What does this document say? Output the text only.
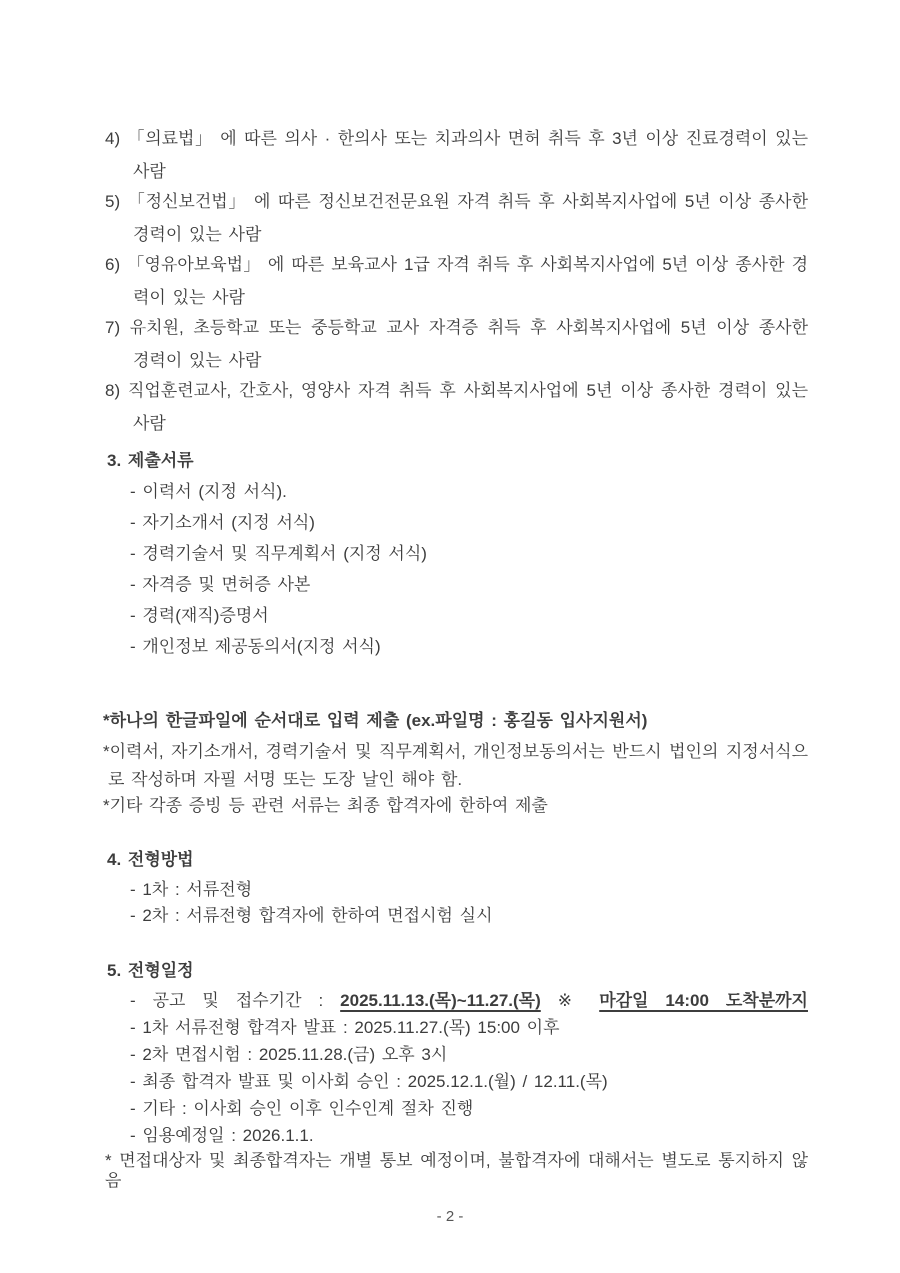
4) 「의료법」 에 따른 의사 · 한의사 또는 치과의사 면허 취득 후 3년 이상 진료경력이 있는
사람
5) 「정신보건법」 에 따른 정신보건전문요원 자격 취득 후 사회복지사업에 5년 이상 종사한
경력이 있는 사람
6) 「영유아보육법」 에 따른 보육교사 1급 자격 취득 후 사회복지사업에 5년 이상 종사한 경
력이 있는 사람
7) 유치원, 초등학교 또는 중등학교 교사 자격증 취득 후 사회복지사업에 5년 이상 종사한
경력이 있는 사람
8) 직업훈련교사, 간호사, 영양사 자격 취득 후 사회복지사업에 5년 이상 종사한 경력이 있는
사람
3. 제출서류
- 이력서 (지정 서식).
- 자기소개서 (지정 서식)
- 경력기술서 및 직무계획서 (지정 서식)
- 자격증 및 면허증 사본
- 경력(재직)증명서
- 개인정보 제공동의서(지정 서식)
*하나의 한글파일에 순서대로 입력 제출 (ex.파일명 : 홍길동 입사지원서)
*이력서, 자기소개서, 경력기술서 및 직무계획서, 개인정보동의서는 반드시 법인의 지정서식으
로 작성하며 자필 서명 또는 도장 날인 해야 함.
*기타 각종 증빙 등 관련 서류는 최종 합격자에 한하여 제출
4. 전형방법
- 1차 : 서류전형
- 2차 : 서류전형 합격자에 한하여 면접시험 실시
5. 전형일정
- 공고 및 접수기간 : 2025.11.13.(목)~11.27.(목) ※ 마감일 14:00 도착분까지
- 1차 서류전형 합격자 발표 : 2025.11.27.(목) 15:00 이후
- 2차 면접시험 : 2025.11.28.(금) 오후 3시
- 최종 합격자 발표 및 이사회 승인 : 2025.12.1.(월) / 12.11.(목)
- 기타 : 이사회 승인 이후 인수인계 절차 진행
- 임용예정일 : 2026.1.1.
* 면접대상자 및 최종합격자는 개별 통보 예정이며, 불합격자에 대해서는 별도로 통지하지 않음
- 2 -
